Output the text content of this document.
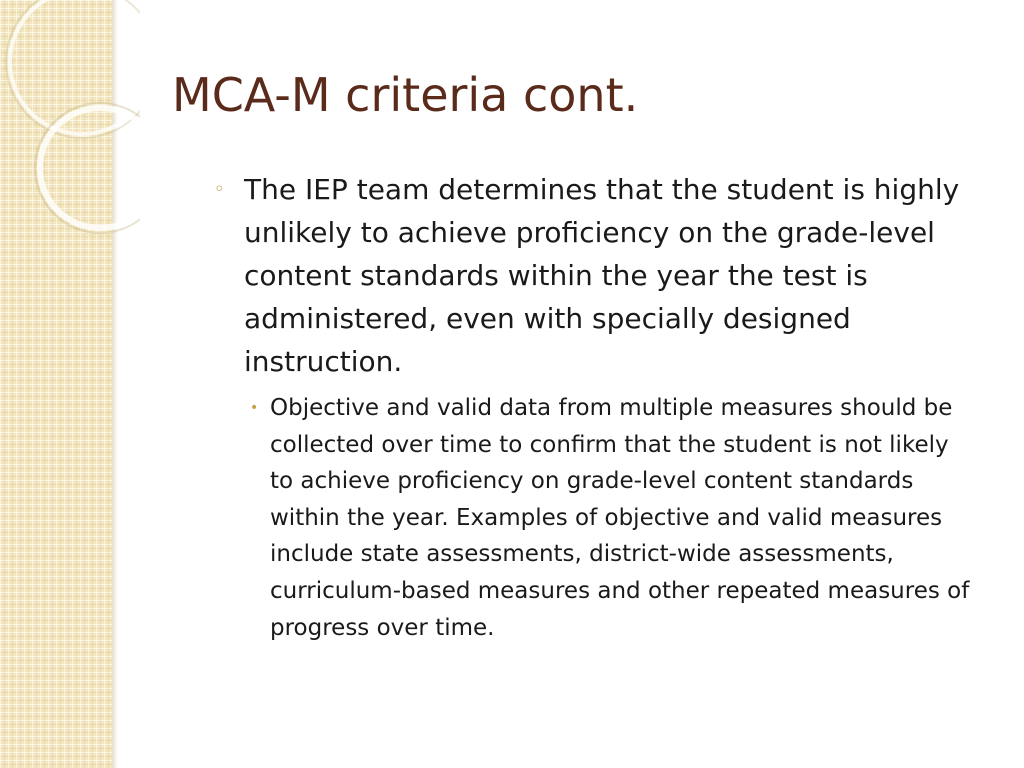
MCA-M criteria cont.
◦ The IEP team determines that the student is highly unlikely to achieve proficiency on the grade-level content standards within the year the test is administered, even with specially designed instruction.
• Objective and valid data from multiple measures should be collected over time to confirm that the student is not likely to achieve proficiency on grade-level content standards within the year. Examples of objective and valid measures include state assessments, district-wide assessments, curriculum-based measures and other repeated measures of progress over time.
